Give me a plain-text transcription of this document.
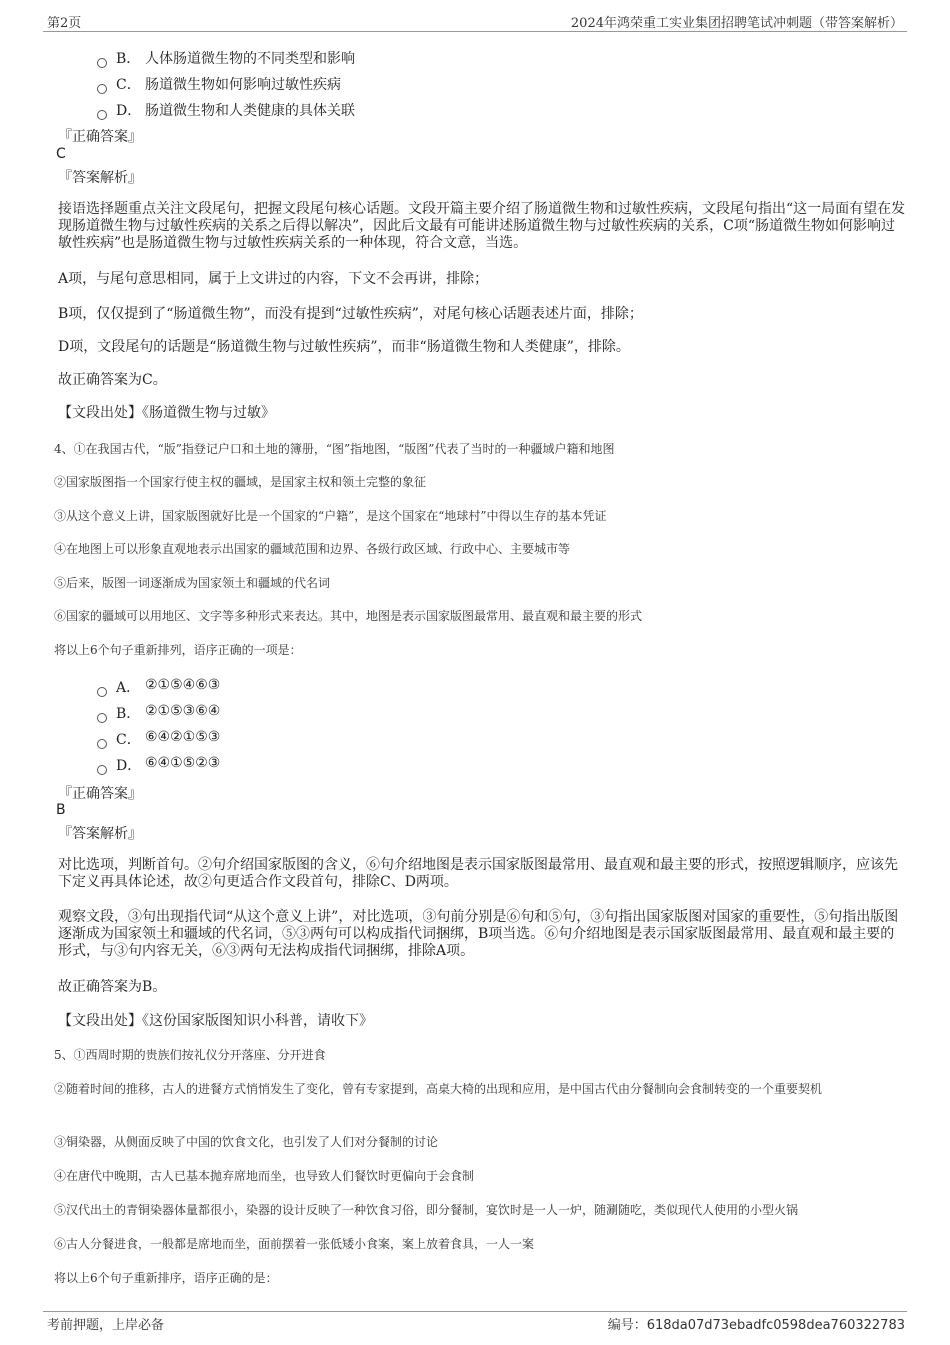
第2页	2024年鸿荣重工实业集团招聘笔试冲刺题（带答案解析）
B． 人体肠道微生物的不同类型和影响
C． 肠道微生物如何影响过敏性疾病
D． 肠道微生物和人类健康的具体关联
『正确答案』
C
『答案解析』
接语选择题重点关注文段尾句，把握文段尾句核心话题。文段开篇主要介绍了肠道微生物和过敏性疾病，文段尾句指出“这一局面有望在发现肠道微生物与过敏性疾病的关系之后得以解决”，因此后文最有可能讲述肠道微生物与过敏性疾病的关系，C项“肠道微生物如何影响过敏性疾病”也是肠道微生物与过敏性疾病关系的一种体现，符合文意，当选。
A项，与尾句意思相同，属于上文讲过的内容，下文不会再讲，排除；
B项，仅仅提到了“肠道微生物”，而没有提到“过敏性疾病”，对尾句核心话题表述片面，排除；
D项，文段尾句的话题是“肠道微生物与过敏性疾病”，而非“肠道微生物和人类健康”，排除。
故正确答案为C。
【文段出处】《肠道微生物与过敏》
4、①在我国古代，“版”指登记户口和土地的簿册，“图”指地图，“版图”代表了当时的一种疆域户籍和地图
②国家版图指一个国家行使主权的疆域，是国家主权和领土完整的象征
③从这个意义上讲，国家版图就好比是一个国家的“户籍”，是这个国家在“地球村”中得以生存的基本凭证
④在地图上可以形象直观地表示出国家的疆域范围和边界、各级行政区域、行政中心、主要城市等
⑤后来，版图一词逐渐成为国家领土和疆域的代名词
⑥国家的疆域可以用地区、文字等多种形式来表达。其中，地图是表示国家版图最常用、最直观和最主要的形式
将以上6个句子重新排列，语序正确的一项是：
A． ②①⑤④⑥③
B． ②①⑤③⑥④
C． ⑥④②①⑤③
D． ⑥④①⑤②③
『正确答案』
B
『答案解析』
对比选项，判断首句。②句介绍国家版图的含义，⑥句介绍地图是表示国家版图最常用、最直观和最主要的形式，按照逻辑顺序，应该先下定义再具体论述，故②句更适合作文段首句，排除C、D两项。
观察文段，③句出现指代词“从这个意义上讲”，对比选项，③句前分别是⑥句和⑤句，③句指出国家版图对国家的重要性，⑤句指出版图逐渐成为国家领土和疆域的代名词，⑤③两句可以构成指代词捆绑，B项当选。⑥句介绍地图是表示国家版图最常用、最直观和最主要的形式，与③句内容无关，⑥③两句无法构成指代词捆绑，排除A项。
故正确答案为B。
【文段出处】《这份国家版图知识小科普，请收下》
5、①西周时期的贵族们按礼仪分开落座、分开进食
②随着时间的推移，古人的进餐方式悄悄发生了变化，曾有专家提到，高桌大椅的出现和应用，是中国古代由分餐制向会食制转变的一个重要契机
③铜染器，从侧面反映了中国的饮食文化，也引发了人们对分餐制的讨论
④在唐代中晚期，古人已基本抛弃席地而坐，也导致人们餐饮时更偏向于会食制
⑤汉代出土的青铜染器体量都很小，染器的设计反映了一种饮食习俗，即分餐制，宴饮时是一人一炉，随涮随吃，类似现代人使用的小型火锅
⑥古人分餐进食，一般都是席地而坐，面前摆着一张低矮小食案，案上放着食具，一人一案
将以上6个句子重新排序，语序正确的是：
考前押题，上岸必备	编号：618da07d73ebadfc0598dea760322783
